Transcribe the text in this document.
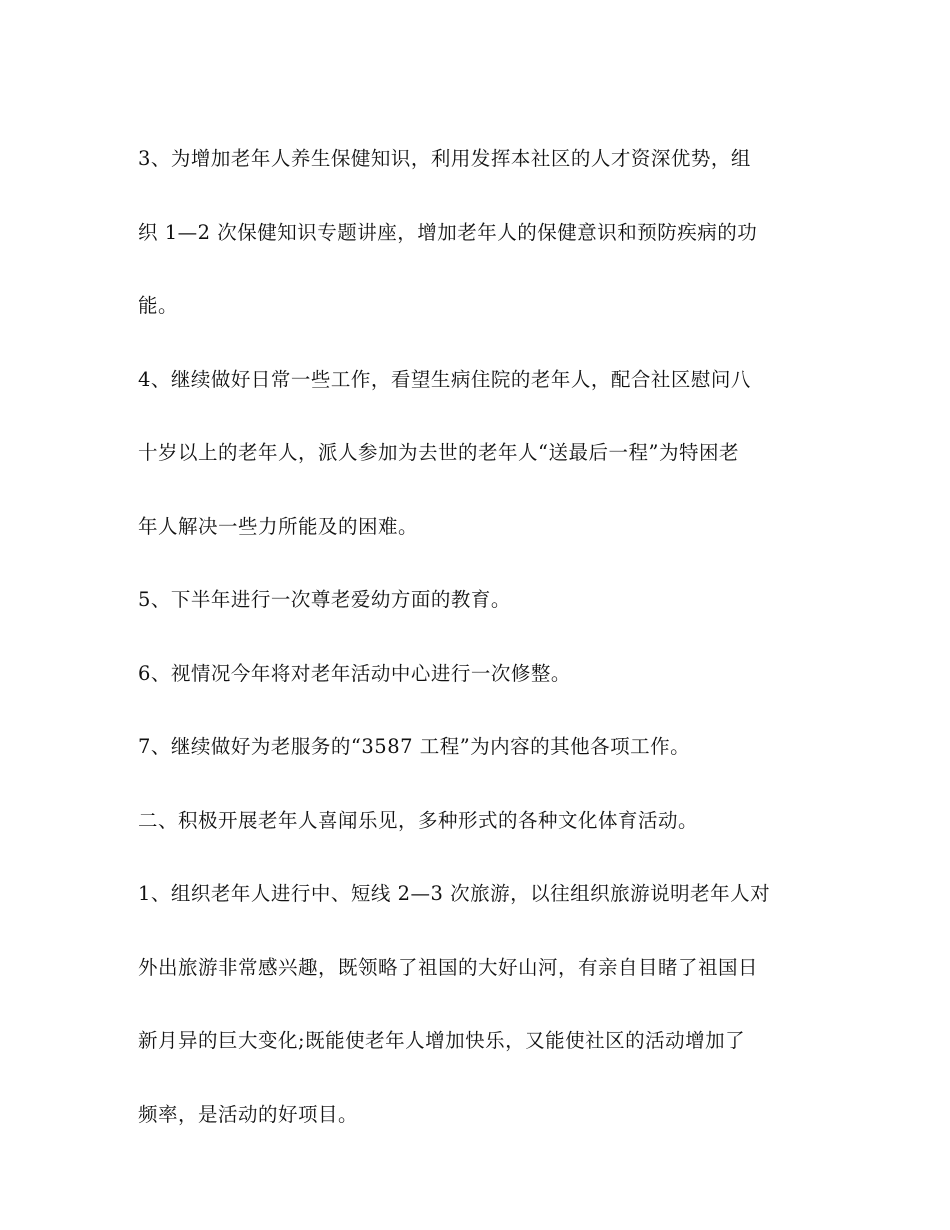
3、为增加老年人养生保健知识，利用发挥本社区的人才资深优势，组
织 1—2 次保健知识专题讲座，增加老年人的保健意识和预防疾病的功
能。

4、继续做好日常一些工作，看望生病住院的老年人，配合社区慰问八
十岁以上的老年人，派人参加为去世的老年人“送最后一程”为特困老
年人解决一些力所能及的困难。

5、下半年进行一次尊老爱幼方面的教育。

6、视情况今年将对老年活动中心进行一次修整。

7、继续做好为老服务的“3587 工程”为内容的其他各项工作。

二、积极开展老年人喜闻乐见，多种形式的各种文化体育活动。

1、组织老年人进行中、短线 2—3 次旅游，以往组织旅游说明老年人对
外出旅游非常感兴趣，既领略了祖国的大好山河，有亲自目睹了祖国日
新月异的巨大变化;既能使老年人增加快乐，又能使社区的活动增加了
频率，是活动的好项目。
